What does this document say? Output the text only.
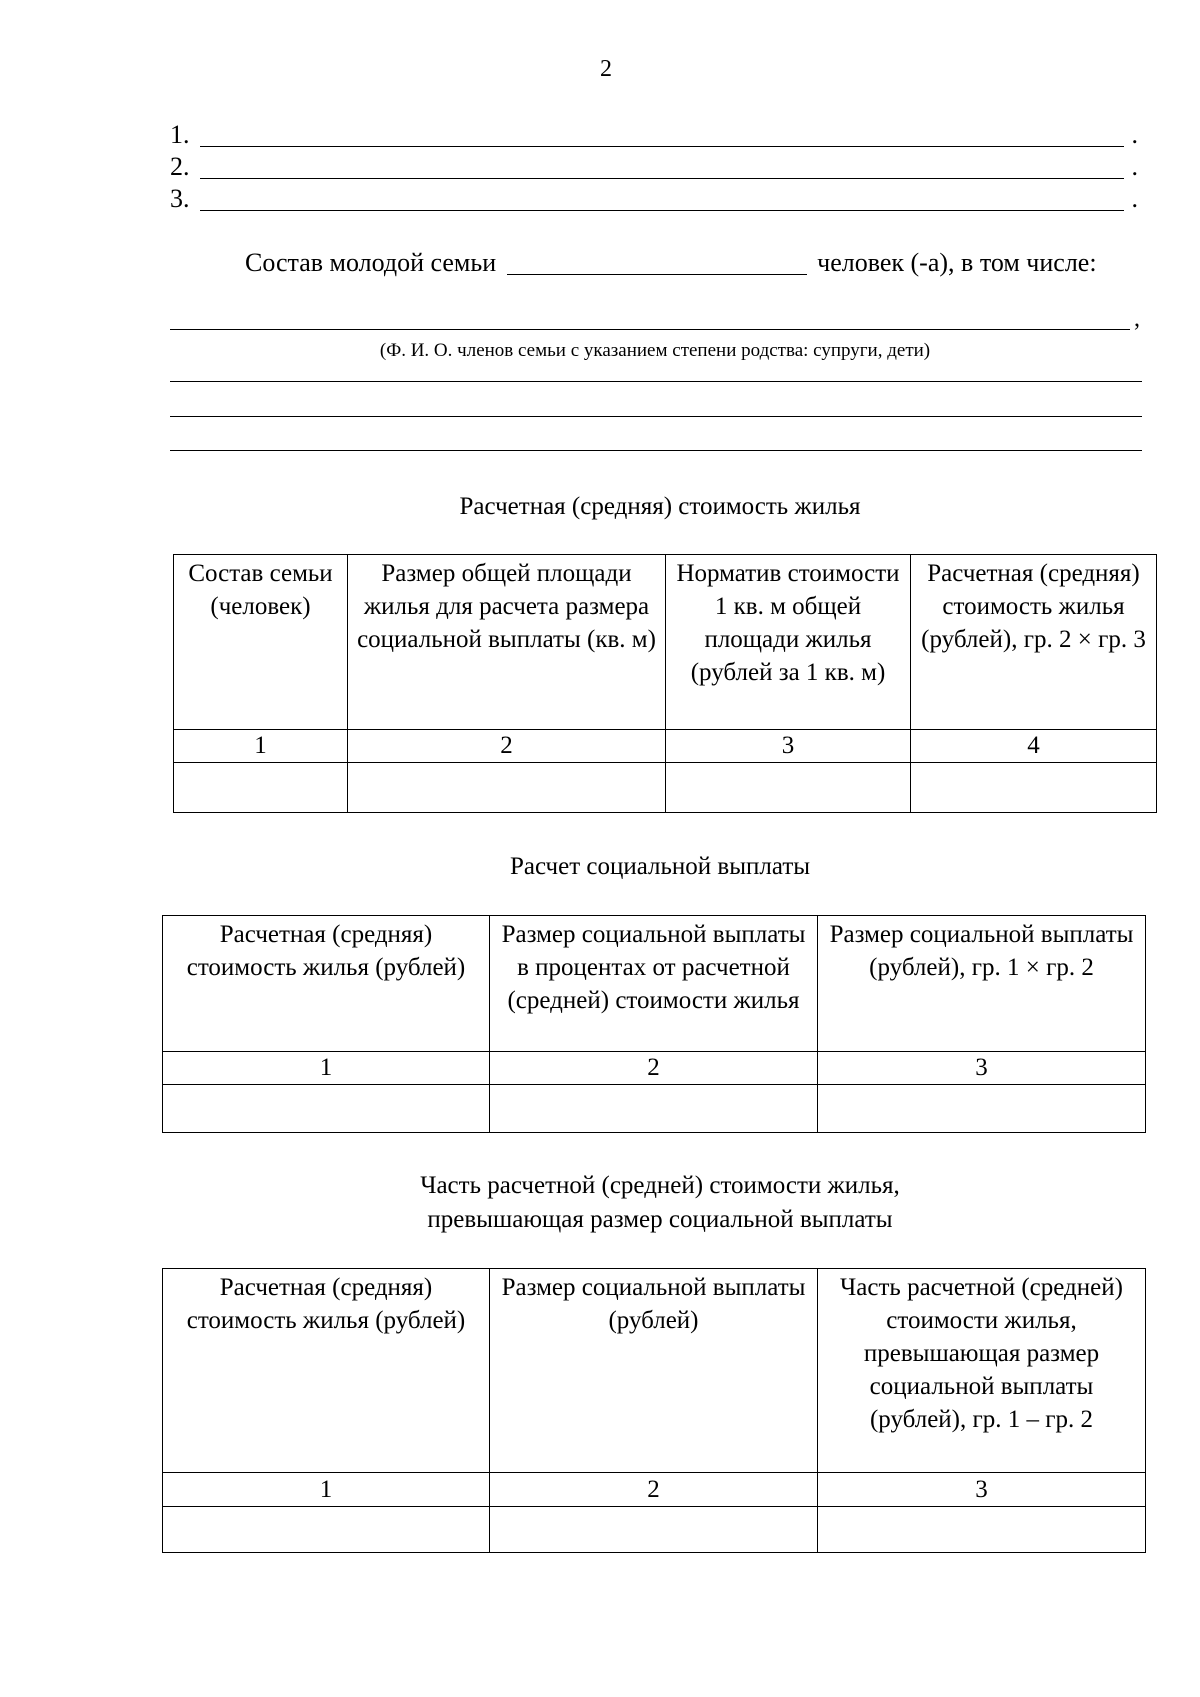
2
1.	.
2.	.
3.	.
Состав молодой семьи	человек (-а), в том числе:
,
(Ф. И. О. членов семьи с указанием степени родства: супруги, дети)
Расчетная (средняя) стоимость жилья
Состав семьи (человек)	Размер общей площади жилья для расчета размера социальной выплаты (кв. м)	Норматив стоимости 1 кв. м общей площади жилья (рублей за 1 кв. м)	Расчетная (средняя) стоимость жилья (рублей), гр. 2 × гр. 3
1	2	3	4

Расчет социальной выплаты
Расчетная (средняя) стоимость жилья (рублей)	Размер социальной выплаты в процентах от расчетной (средней) стоимости жилья	Размер социальной выплаты (рублей), гр. 1 × гр. 2
1	2	3

Часть расчетной (средней) стоимости жилья,
превышающая размер социальной выплаты
Расчетная (средняя) стоимость жилья (рублей)	Размер социальной выплаты (рублей)	Часть расчетной (средней) стоимости жилья, превышающая размер социальной выплаты (рублей), гр. 1 – гр. 2
1	2	3
